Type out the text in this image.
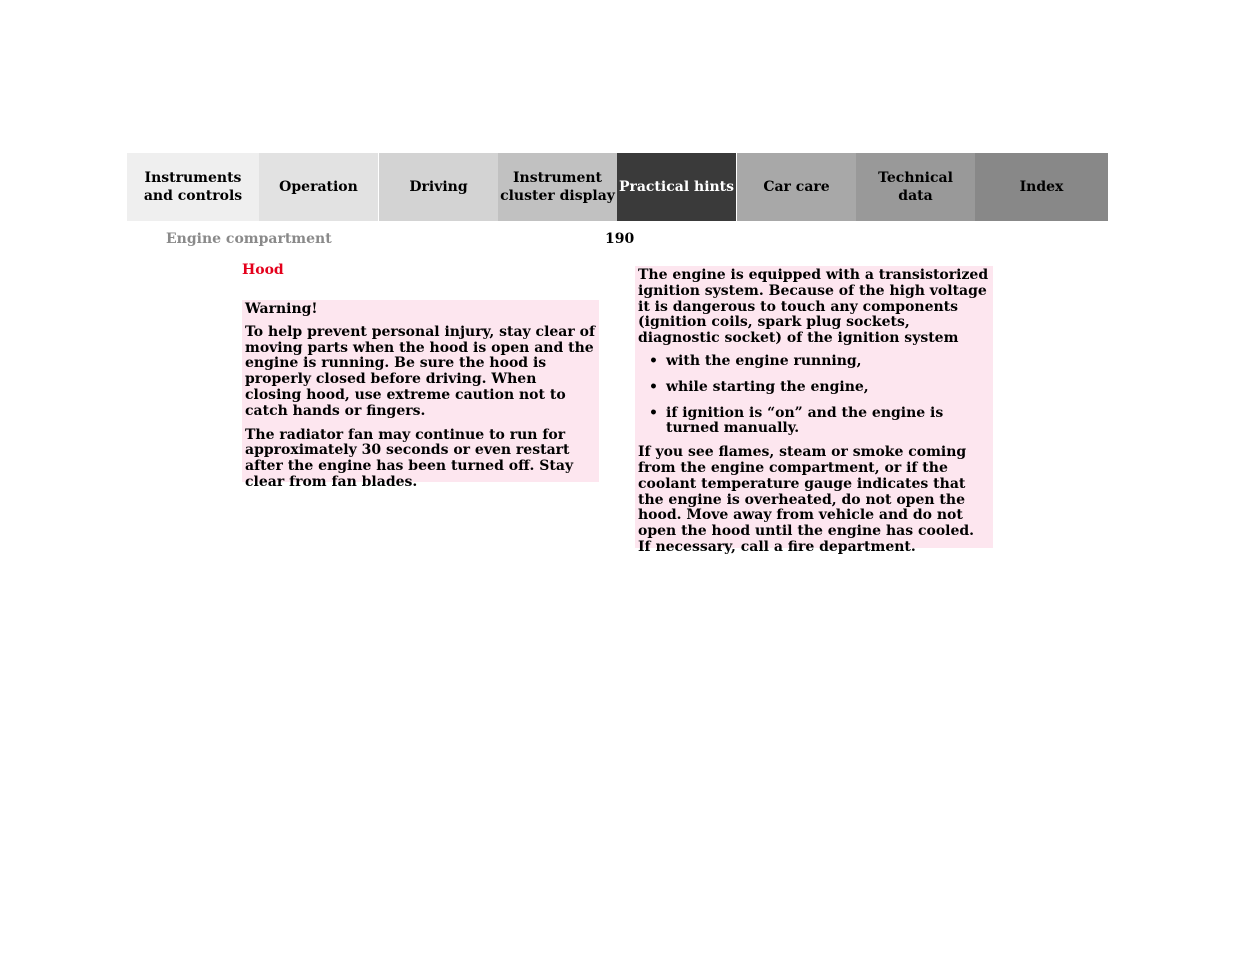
Instruments
and controls
Operation	Driving
Instrument
cluster display
Practical hints Car care
Technical
data
Index
Engine compartment	190
Hood

Warning!

To help prevent personal injury, stay clear of moving parts when the hood is open and the engine is running. Be sure the hood is properly closed before driving. When closing hood, use extreme caution not to catch hands or fingers.

The radiator fan may continue to run for approximately 30 seconds or even restart after the engine has been turned off. Stay clear from fan blades.

The engine is equipped with a transistorized ignition system. Because of the high voltage it is dangerous to touch any components (ignition coils, spark plug sockets, diagnostic socket) of the ignition system

• with the engine running,
• while starting the engine,
• if ignition is “on” and the engine is turned manually.

If you see flames, steam or smoke coming from the engine compartment, or if the coolant temperature gauge indicates that the engine is overheated, do not open the hood. Move away from vehicle and do not open the hood until the engine has cooled. If necessary, call a fire department.
